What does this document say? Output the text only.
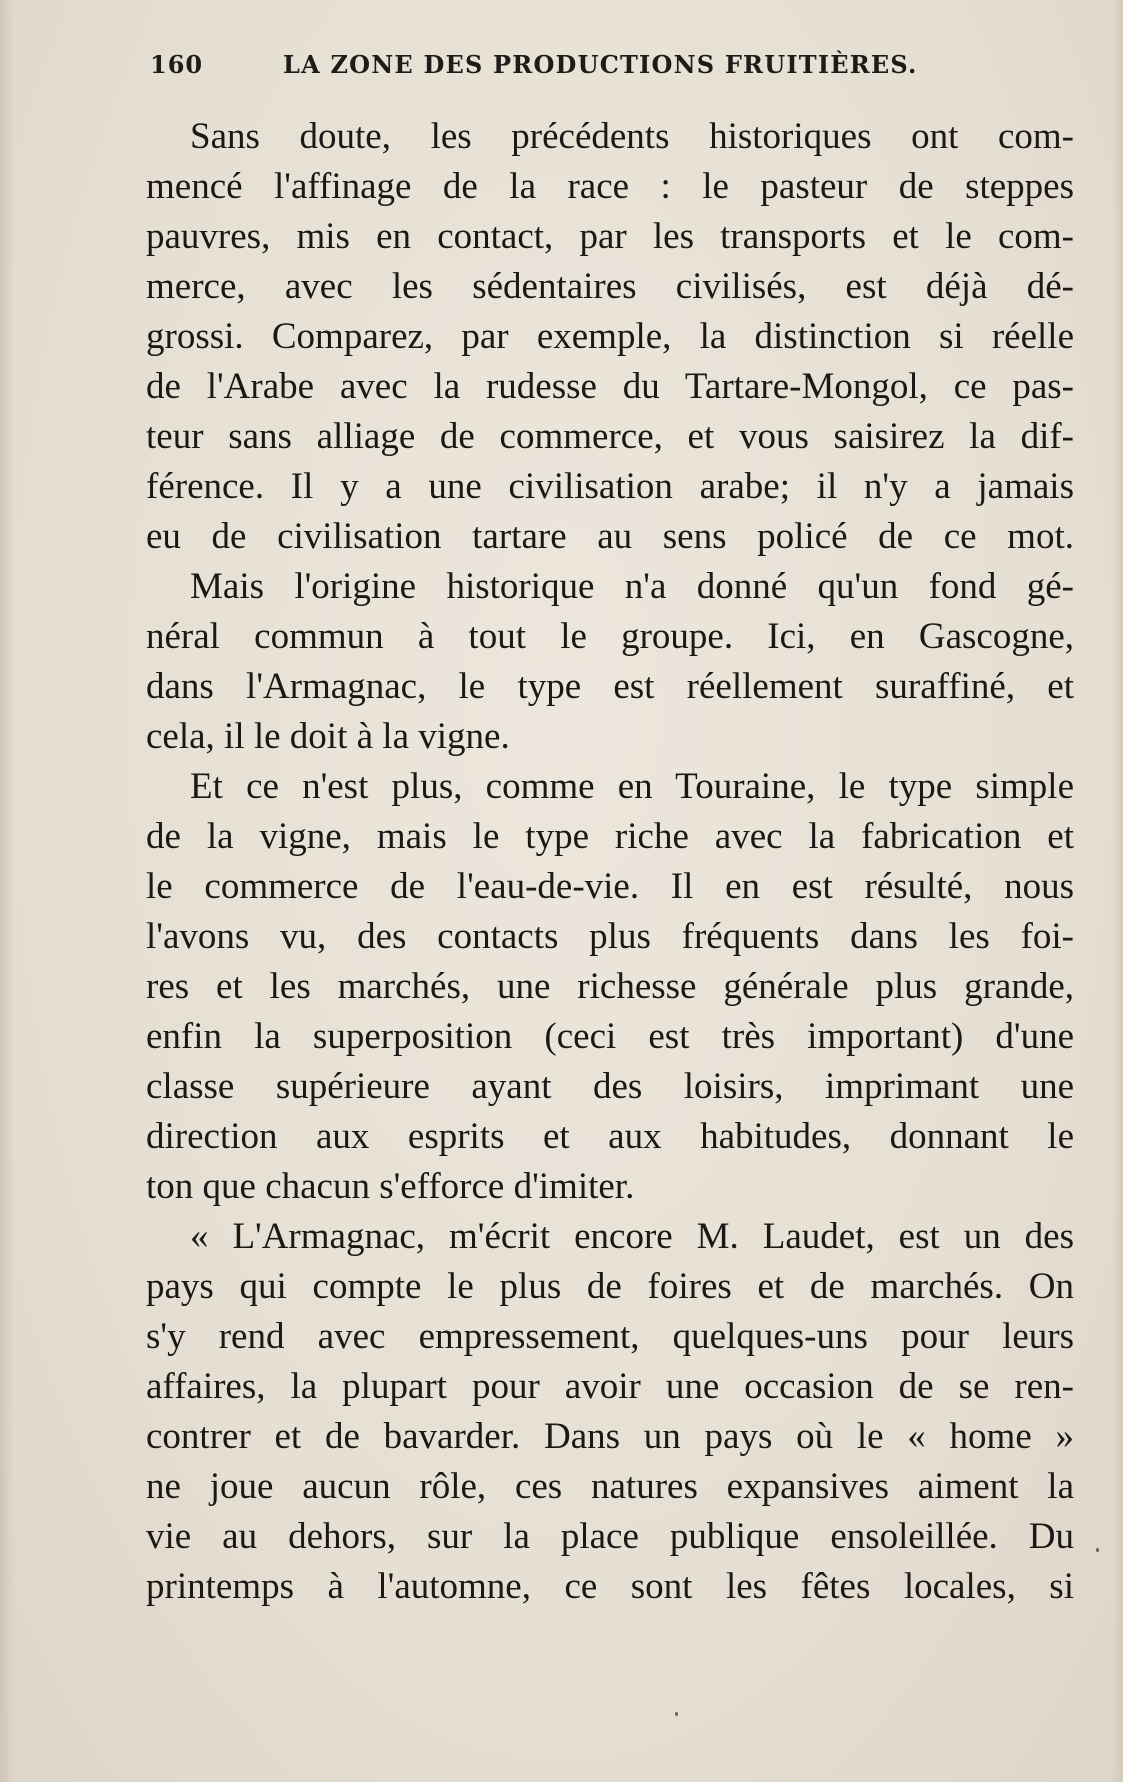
160	LA ZONE DES PRODUCTIONS FRUITIÈRES.
Sans doute, les précédents historiques ont com-
mencé l'affinage de la race : le pasteur de steppes
pauvres, mis en contact, par les transports et le com-
merce, avec les sédentaires civilisés, est déjà dé-
grossi. Comparez, par exemple, la distinction si réelle
de l'Arabe avec la rudesse du Tartare-Mongol, ce pas-
teur sans alliage de commerce, et vous saisirez la dif-
férence. Il y a une civilisation arabe; il n'y a jamais
eu de civilisation tartare au sens policé de ce mot.
Mais l'origine historique n'a donné qu'un fond gé-
néral commun à tout le groupe. Ici, en Gascogne,
dans l'Armagnac, le type est réellement suraffiné, et
cela, il le doit à la vigne.
Et ce n'est plus, comme en Touraine, le type simple
de la vigne, mais le type riche avec la fabrication et
le commerce de l'eau-de-vie. Il en est résulté, nous
l'avons vu, des contacts plus fréquents dans les foi-
res et les marchés, une richesse générale plus grande,
enfin la superposition (ceci est très important) d'une
classe supérieure ayant des loisirs, imprimant une
direction aux esprits et aux habitudes, donnant le
ton que chacun s'efforce d'imiter.
« L'Armagnac, m'écrit encore M. Laudet, est un des
pays qui compte le plus de foires et de marchés. On
s'y rend avec empressement, quelques-uns pour leurs
affaires, la plupart pour avoir une occasion de se ren-
contrer et de bavarder. Dans un pays où le « home »
ne joue aucun rôle, ces natures expansives aiment la
vie au dehors, sur la place publique ensoleillée. Du
printemps à l'automne, ce sont les fêtes locales, si
